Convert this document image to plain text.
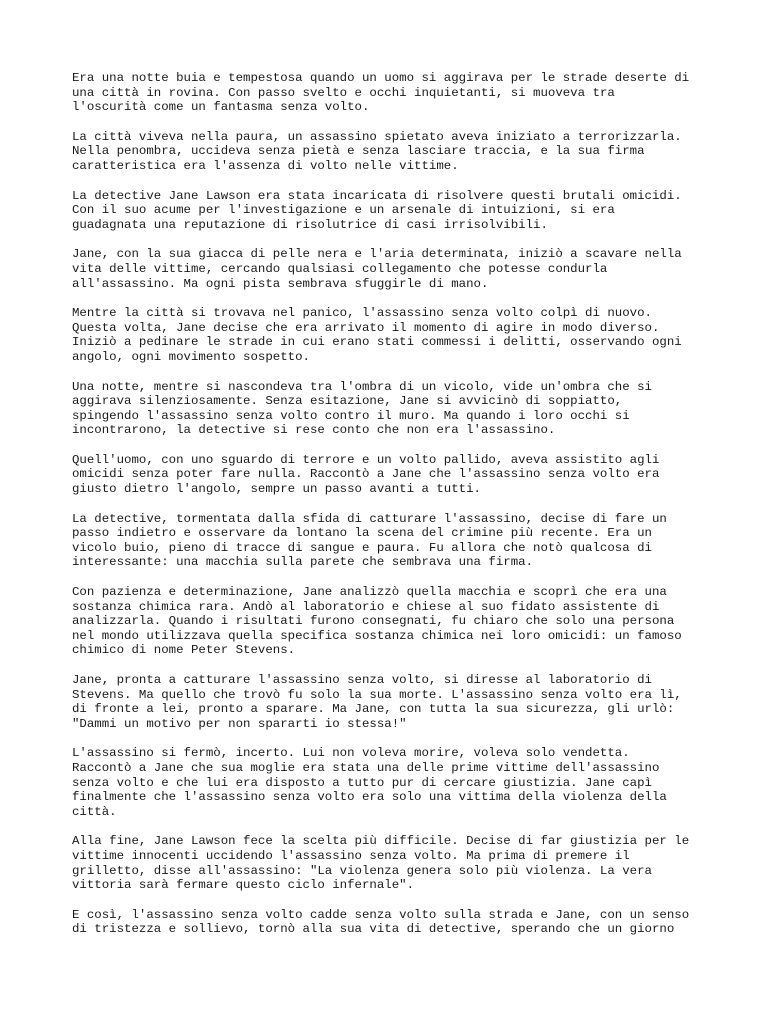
Era una notte buia e tempestosa quando un uomo si aggirava per le strade deserte di
una città in rovina. Con passo svelto e occhi inquietanti, si muoveva tra
l'oscurità come un fantasma senza volto.

La città viveva nella paura, un assassino spietato aveva iniziato a terrorizzarla.
Nella penombra, uccideva senza pietà e senza lasciare traccia, e la sua firma
caratteristica era l'assenza di volto nelle vittime.

La detective Jane Lawson era stata incaricata di risolvere questi brutali omicidi.
Con il suo acume per l'investigazione e un arsenale di intuizioni, si era
guadagnata una reputazione di risolutrice di casi irrisolvibili.

Jane, con la sua giacca di pelle nera e l'aria determinata, iniziò a scavare nella
vita delle vittime, cercando qualsiasi collegamento che potesse condurla
all'assassino. Ma ogni pista sembrava sfuggirle di mano.

Mentre la città si trovava nel panico, l'assassino senza volto colpì di nuovo.
Questa volta, Jane decise che era arrivato il momento di agire in modo diverso.
Iniziò a pedinare le strade in cui erano stati commessi i delitti, osservando ogni
angolo, ogni movimento sospetto.

Una notte, mentre si nascondeva tra l'ombra di un vicolo, vide un'ombra che si
aggirava silenziosamente. Senza esitazione, Jane si avvicinò di soppiatto,
spingendo l'assassino senza volto contro il muro. Ma quando i loro occhi si
incontrarono, la detective si rese conto che non era l'assassino.

Quell'uomo, con uno sguardo di terrore e un volto pallido, aveva assistito agli
omicidi senza poter fare nulla. Raccontò a Jane che l'assassino senza volto era
giusto dietro l'angolo, sempre un passo avanti a tutti.

La detective, tormentata dalla sfida di catturare l'assassino, decise di fare un
passo indietro e osservare da lontano la scena del crimine più recente. Era un
vicolo buio, pieno di tracce di sangue e paura. Fu allora che notò qualcosa di
interessante: una macchia sulla parete che sembrava una firma.

Con pazienza e determinazione, Jane analizzò quella macchia e scoprì che era una
sostanza chimica rara. Andò al laboratorio e chiese al suo fidato assistente di
analizzarla. Quando i risultati furono consegnati, fu chiaro che solo una persona
nel mondo utilizzava quella specifica sostanza chimica nei loro omicidi: un famoso
chimico di nome Peter Stevens.

Jane, pronta a catturare l'assassino senza volto, si diresse al laboratorio di
Stevens. Ma quello che trovò fu solo la sua morte. L'assassino senza volto era lì,
di fronte a lei, pronto a sparare. Ma Jane, con tutta la sua sicurezza, gli urlò:
"Dammi un motivo per non spararti io stessa!"

L'assassino si fermò, incerto. Lui non voleva morire, voleva solo vendetta.
Raccontò a Jane che sua moglie era stata una delle prime vittime dell'assassino
senza volto e che lui era disposto a tutto pur di cercare giustizia. Jane capì
finalmente che l'assassino senza volto era solo una vittima della violenza della
città.

Alla fine, Jane Lawson fece la scelta più difficile. Decise di far giustizia per le
vittime innocenti uccidendo l'assassino senza volto. Ma prima di premere il
grilletto, disse all'assassino: "La violenza genera solo più violenza. La vera
vittoria sarà fermare questo ciclo infernale".

E così, l'assassino senza volto cadde senza volto sulla strada e Jane, con un senso
di tristezza e sollievo, tornò alla sua vita di detective, sperando che un giorno
